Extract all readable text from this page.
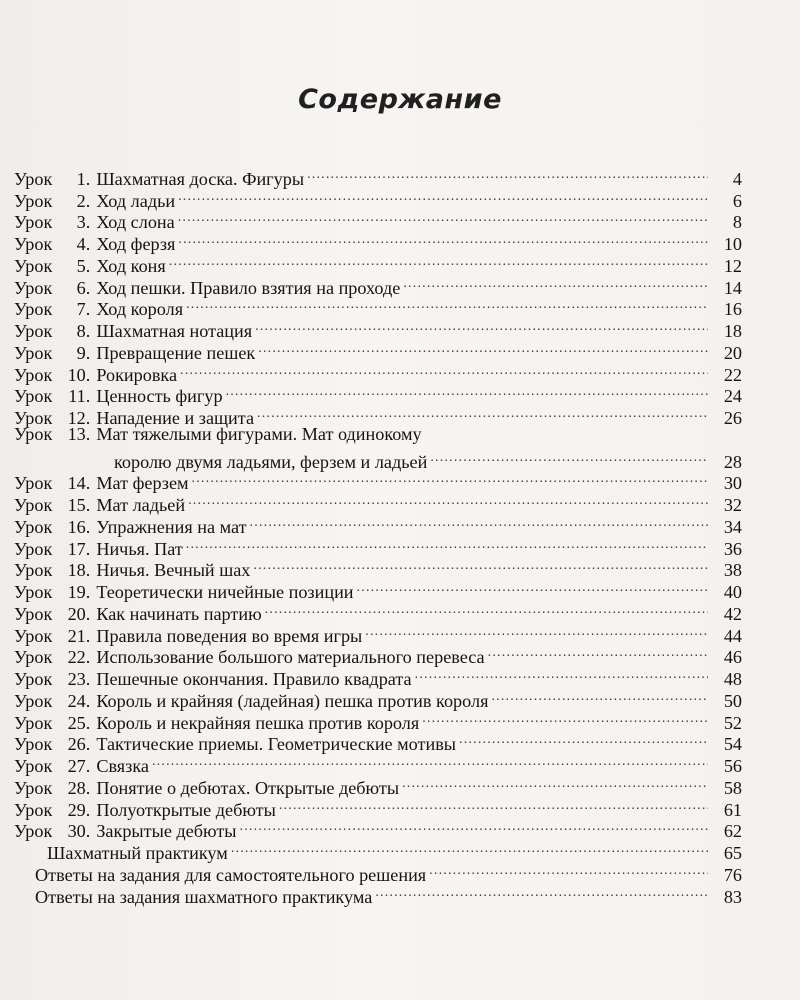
Содержание
Урок 1. Шахматная доска. Фигуры .....	4
Урок 2. Ход ладьи .....	6
Урок 3. Ход слона .....	8
Урок 4. Ход ферзя .....	10
Урок 5. Ход коня .....	12
Урок 6. Ход пешки. Правило взятия на проходе .....	14
Урок 7. Ход короля .....	16
Урок 8. Шахматная нотация .....	18
Урок 9. Превращение пешек .....	20
Урок 10. Рокировка .....	22
Урок 11. Ценность фигур .....	24
Урок 12. Нападение и защита .....	26
Урок 13. Мат тяжелыми фигурами. Мат одинокому
королю двумя ладьями, ферзем и ладьей .....	28
Урок 14. Мат ферзем .....	30
Урок 15. Мат ладьей .....	32
Урок 16. Упражнения на мат .....	34
Урок 17. Ничья. Пат .....	36
Урок 18. Ничья. Вечный шах .....	38
Урок 19. Теоретически ничейные позиции .....	40
Урок 20. Как начинать партию .....	42
Урок 21. Правила поведения во время игры .....	44
Урок 22. Использование большого материального перевеса .....	46
Урок 23. Пешечные окончания. Правило квадрата .....	48
Урок 24. Король и крайняя (ладейная) пешка против короля .....	50
Урок 25. Король и некрайняя пешка против короля .....	52
Урок 26. Тактические приемы. Геометрические мотивы .....	54
Урок 27. Связка .....	56
Урок 28. Понятие о дебютах. Открытые дебюты .....	58
Урок 29. Полуоткрытые дебюты .....	61
Урок 30. Закрытые дебюты .....	62
Шахматный практикум .....	65
Ответы на задания для самостоятельного решения .....	76
Ответы на задания шахматного практикума .....	83
